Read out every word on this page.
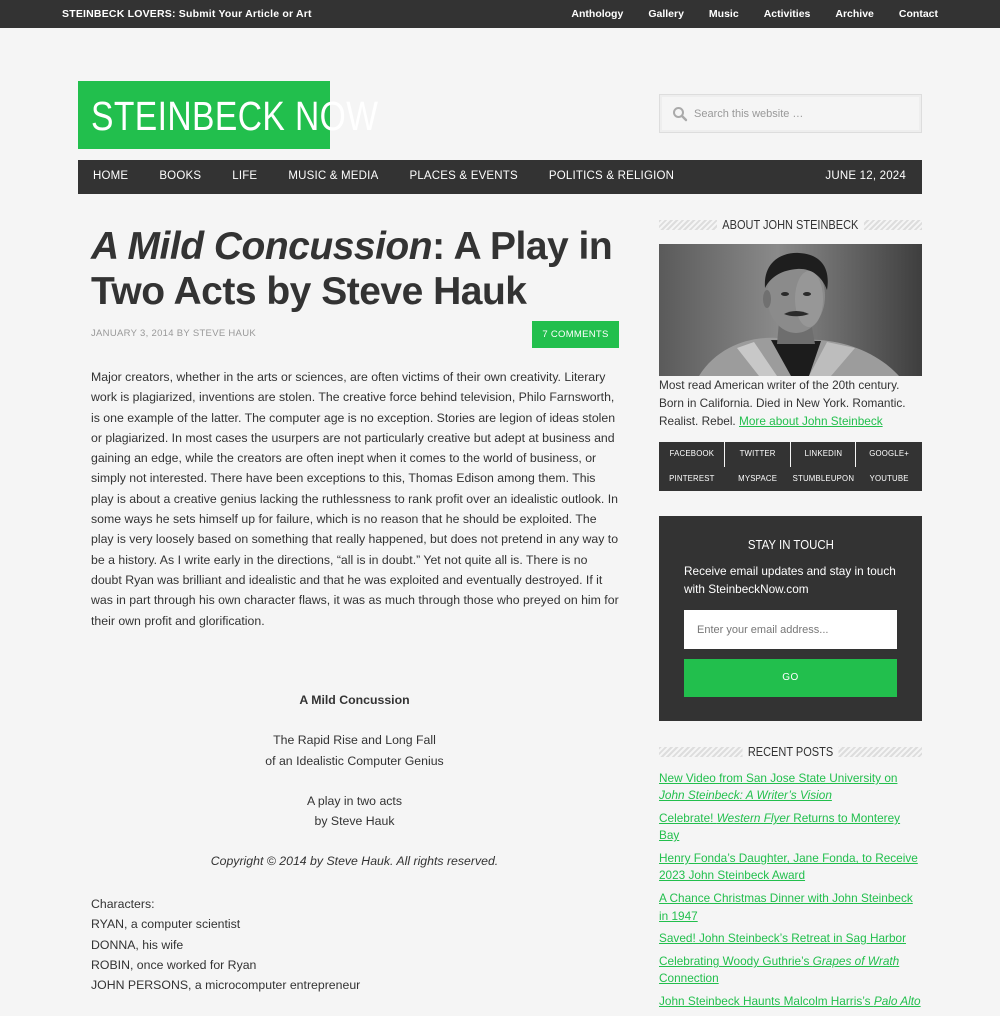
STEINBECK LOVERS: Submit Your Article or Art	Anthology Gallery Music Activities Archive Contact
STEINBECK NOW
Search this website …
HOME	BOOKS	LIFE	MUSIC & MEDIA	PLACES & EVENTS	POLITICS & RELIGION	JUNE 12, 2024
A Mild Concussion: A Play in Two Acts by Steve Hauk
JANUARY 3, 2014 BY STEVE HAUK	7 COMMENTS

Major creators, whether in the arts or sciences, are often victims of their own creativity. Literary work is plagiarized, inventions are stolen. The creative force behind television, Philo Farnsworth, is one example of the latter. The computer age is no exception. Stories are legion of ideas stolen or plagiarized. In most cases the usurpers are not particularly creative but adept at business and gaining an edge, while the creators are often inept when it comes to the world of business, or simply not interested. There have been exceptions to this, Thomas Edison among them. This play is about a creative genius lacking the ruthlessness to rank profit over an idealistic outlook. In some ways he sets himself up for failure, which is no reason that he should be exploited. The play is very loosely based on something that really happened, but does not pretend in any way to be a history. As I write early in the directions, “all is in doubt.” Yet not quite all is. There is no doubt Ryan was brilliant and idealistic and that he was exploited and eventually destroyed. If it was in part through his own character flaws, it was as much through those who preyed on him for their own profit and glorification.

A Mild Concussion
The Rapid Rise and Long Fall
of an Idealistic Computer Genius
A play in two acts
by Steve Hauk
Copyright © 2014 by Steve Hauk. All rights reserved.
Characters:
RYAN, a computer scientist
DONNA, his wife
ROBIN, once worked for Ryan
JOHN PERSONS, a microcomputer entrepreneur
ABOUT JOHN STEINBECK

Most read American writer of the 20th century. Born in California. Died in New York. Romantic. Realist. Rebel. More about John Steinbeck

FACEBOOK	TWITTER	LINKEDIN	GOOGLE+
PINTEREST	MYSPACE	STUMBLEUPON	YOUTUBE
STAY IN TOUCH
Receive email updates and stay in touch with SteinbeckNow.com
Enter your email address...
GO
RECENT POSTS
New Video from San Jose State University on John Steinbeck: A Writer’s Vision
Celebrate! Western Flyer Returns to Monterey Bay
Henry Fonda’s Daughter, Jane Fonda, to Receive 2023 John Steinbeck Award
A Chance Christmas Dinner with John Steinbeck in 1947
Saved! John Steinbeck’s Retreat in Sag Harbor
Celebrating Woody Guthrie’s Grapes of Wrath Connection
John Steinbeck Haunts Malcolm Harris’s Palo Alto
